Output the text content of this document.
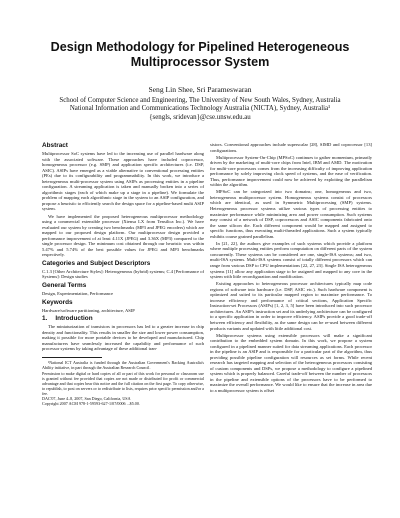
Design Methodology for Pipelined Heterogeneous
Multiprocessor System
Seng Lin Shee, Sri Parameswaran
School of Computer Science and Engineering, The University of New South Wales, Sydney, Australia
National Information and Communications Technology Australia (NICTA), Sydney, Australia¹
{sengls, sridevan}@cse.unsw.edu.au
Abstract

Multiprocessor SoC systems have led to the increasing use of parallel hardware along with the associated software. These approaches have included coprocessor, homogeneous processor (e.g. SMP) and application specific architectures (i.e. DSP, ASIC). ASIPs have emerged as a viable alternative to conventional processing entities (PEs) due to its configurability and programmability. In this work, we introduce a heterogeneous multi-processor system using ASIPs as processing entities in a pipeline configuration. A streaming application is taken and manually broken into a series of algorithmic stages (each of which make up a stage in a pipeline). We formulate the problem of mapping each algorithmic stage in the system to an ASIP configuration, and propose a heuristic to efficiently search the design space for a pipeline-based multi ASIP system.

We have implemented the proposed heterogeneous multiprocessor methodology using a commercial extensible processor (Xtensa LX from Tensilica Inc.). We have evaluated our system by creating two benchmarks (MP3 and JPEG encoders) which are mapped to our proposed design platform. Our multiprocessor design provided a performance improvement of at least 4.11X (JPEG) and 3.36X (MP3) compared to the single processor design. The minimum cost obtained through our heuristic was within 5.47% and 5.74% of the best possible values for JPEG and MP3 benchmarks respectively.

Categories and Subject Descriptors

C.1.3 [Other Architecture Styles]: Heterogeneous (hybrid) systems; C.4 [Performance of Systems]: Design studies

General Terms

Design, Experimentation, Performance

Keywords

Hardware/software partitioning, architecture, ASIP

1. Introduction

The miniaturization of transistors in processors has led to a greater increase in chip density and functionality. This results in smaller the size and lower power consumption, making it possible for more portable devices to be developed and manufactured. Chip manufacturers have seamlessly increased the capability and performance of such processor systems by taking advantage of these additional tran-

¹National ICT Australia is funded through the Australian Government's Backing Australia's Ability initiative, in part through the Australian Research Council.

Permission to make digital or hard copies of all or part of this work for personal or classroom use is granted without fee provided that copies are not made or distributed for profit or commercial advantage and that copies bear this notice and the full citation on the first page. To copy otherwise, to republish, to post on servers or to redistribute to lists, requires prior specific permission and/or a fee.
DAC'07, June 4–8, 2007, San Diego, California, USA
Copyright 2007 ACM 978-1-59593-627-1/07/0006 ...$5.00.

sistors. Conventional approaches include superscalar [28], SIMD and coprocessor [13] configurations.

Multiprocessor System-On-Chip (MPSoC) continues to gather momentum, primarily driven by the marketing of multi-core chips from Intel, IBM and AMD. The motivation for multi-core processors comes from the increasing difficulty of improving application performance by solely improving clock speed of systems, and the ease of verification. Thus, performance improvement could now be achieved by exploiting the parallelism within the algorithm.

MPSoC can be categorized into two domains; one, homogeneous and two, heterogeneous multiprocessor system. Homogeneous systems consist of processors which are identical, as used in Symmetric Multiprocessing (SMP) systems. Heterogeneous processor systems utilize various types of processing entities to maximize performance while minimizing area and power consumption. Such systems may consist of a network of DSP, coprocessors and ASIC components fabricated onto the same silicon die. Each different component would be mapped and assigned to specific functions, thus executing multi-threaded applications. Such a system typically exhibits coarse grained parallelism.

In [21, 22], the authors give examples of such systems which provide a platform where multiple processing entities perform computation on different parts of the system concurrently. These systems can be considered are one, single-ISA systems; and two, multi-ISA systems. Multi-ISA systems consist of totally different processors which can range from various DSP to CPU implementations [22, 27, 23]. Single ISA heterogeneous systems [11] allow any application stage to be assigned and mapped to any core in the system with little reconfiguration and modification.

Existing approaches to heterogeneous processor architectures typically map code regions of software into hardware (i.e. DSP, ASIC etc.). Such hardware component is optimized and suited to its particular mapped region to maximize performance. To increase efficiency and performance of critical sections, Application Specific Instruction-set Processors (ASIPs) [1, 2, 3, 5] have been introduced into such processor architectures. An ASIP's instruction set and its underlying architecture can be configured to a specific application in order to improve efficiency. ASIPs provide a good trade-off between efficiency and flexibility, as the same design can be re-used between different products variants and updated with little additional cost.

Multiprocessor systems using extensible processors will make a significant contribution to the embedded system domain. In this work, we propose a system configured in a pipelined manner suited for data streaming applications. Each processor in the pipeline is an ASIP and is responsible for a particular part of the algorithm, thus providing possible pipeline configuration will resources as set forms. While recent research has targeted mapping and selection of the heterogeneous processors consisting of custom components and DSPs, we propose a methodology to configure a pipelined system which is properly balanced. Careful trade-off between the number of processors in the pipeline and extensible options of the processors have to be performed to maximize the overall performance. We would like to ensure that the increase in area due to a multiprocessor system is offset
